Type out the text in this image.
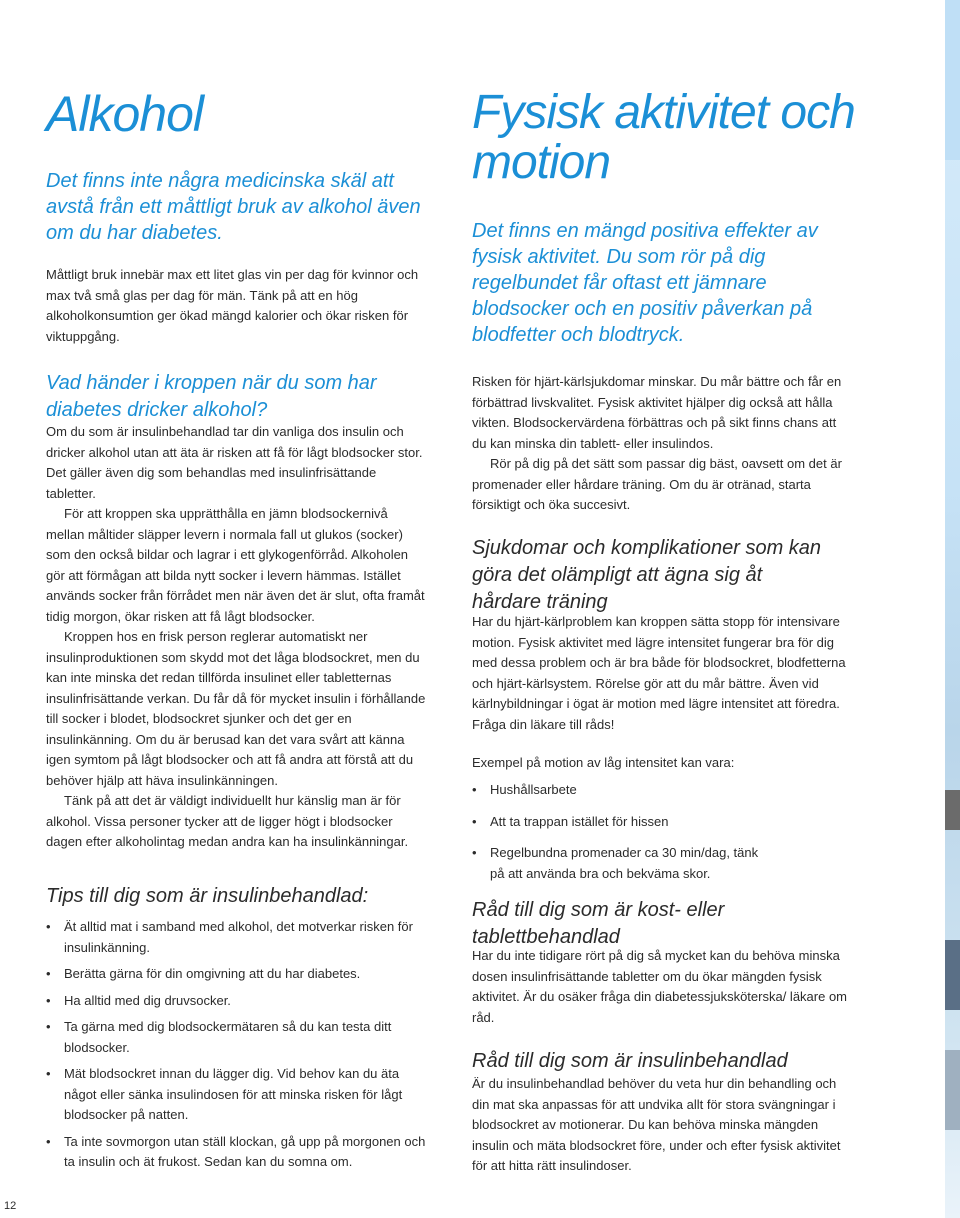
Alkohol

Det finns inte några medicinska skäl att avstå från ett måttligt bruk av alkohol även om du har diabetes.

Måttligt bruk innebär max ett litet glas vin per dag för kvinnor och max två små glas per dag för män. Tänk på att en hög alkoholkonsumtion ger ökad mängd kalorier och ökar risken för viktuppgång.

Vad händer i kroppen när du som har diabetes dricker alkohol?

Om du som är insulinbehandlad tar din vanliga dos insulin och dricker alkohol utan att äta är risken att få för lågt blodsocker stor. Det gäller även dig som behandlas med insulinfrisättande tabletter.

För att kroppen ska upprätthålla en jämn blodsockernivå mellan måltider släpper levern i normala fall ut glukos (socker) som den också bildar och lagrar i ett glykogenförråd. Alkoholen gör att förmågan att bilda nytt socker i levern hämmas. Istället används socker från förrådet men när även det är slut, ofta framåt tidig morgon, ökar risken att få lågt blodsocker.

Kroppen hos en frisk person reglerar automatiskt ner insulinproduktionen som skydd mot det låga blodsockret, men du kan inte minska det redan tillförda insulinet eller tabletternas insulinfrisättande verkan. Du får då för mycket insulin i förhållande till socker i blodet, blodsockret sjunker och det ger en insulinkänning. Om du är berusad kan det vara svårt att känna igen symtom på lågt blodsocker och att få andra att förstå att du behöver hjälp att häva insulinkänningen.

Tänk på att det är väldigt individuellt hur känslig man är för alkohol. Vissa personer tycker att de ligger högt i blodsocker dagen efter alkoholintag medan andra kan ha insulinkänningar.

Tips till dig som är insulinbehandlad:
• Ät alltid mat i samband med alkohol, det motverkar risken för insulinkänning.
• Berätta gärna för din omgivning att du har diabetes.
• Ha alltid med dig druvsocker.
• Ta gärna med dig blodsockermätaren så du kan testa ditt blodsocker.
• Mät blodsockret innan du lägger dig. Vid behov kan du äta något eller sänka insulindosen för att minska risken för lågt blodsocker på natten.
• Ta inte sovmorgon utan ställ klockan, gå upp på morgonen och ta insulin och ät frukost. Sedan kan du somna om.
Fysisk aktivitet och motion

Det finns en mängd positiva effekter av fysisk aktivitet. Du som rör på dig regelbundet får oftast ett jämnare blodsocker och en positiv påverkan på blodfetter och blodtryck.

Risken för hjärt-kärlsjukdomar minskar. Du mår bättre och får en förbättrad livskvalitet. Fysisk aktivitet hjälper dig också att hålla vikten. Blodsockervärdena förbättras och på sikt finns chans att du kan minska din tablett- eller insulindos.

Rör på dig på det sätt som passar dig bäst, oavsett om det är promenader eller hårdare träning. Om du är otränad, starta försiktigt och öka succesivt.

Sjukdomar och komplikationer som kan göra det olämpligt att ägna sig åt hårdare träning

Har du hjärt-kärlproblem kan kroppen sätta stopp för intensivare motion. Fysisk aktivitet med lägre intensitet fungerar bra för dig med dessa problem och är bra både för blodsockret, blodfetterna och hjärt-kärlsystem. Rörelse gör att du mår bättre. Även vid kärlnybildningar i ögat är motion med lägre intensitet att föredra. Fråga din läkare till råds!

Exempel på motion av låg intensitet kan vara:

• Hushållsarbete
• Att ta trappan istället för hissen
• Regelbundna promenader ca 30 min/dag, tänk på att använda bra och bekväma skor.
Råd till dig som är kost- eller tablettbehandlad

Har du inte tidigare rört på dig så mycket kan du behöva minska dosen insulinfrisättande tabletter om du ökar mängden fysisk aktivitet. Är du osäker fråga din diabetessjuksköterska/ läkare om råd.

Råd till dig som är insulinbehandlad

Är du insulinbehandlad behöver du veta hur din behandling och din mat ska anpassas för att undvika allt för stora svängningar i blodsockret av motionerar. Du kan behöva minska mängden insulin och mäta blodsockret före, under och efter fysisk aktivitet för att hitta rätt insulindoser.

12
